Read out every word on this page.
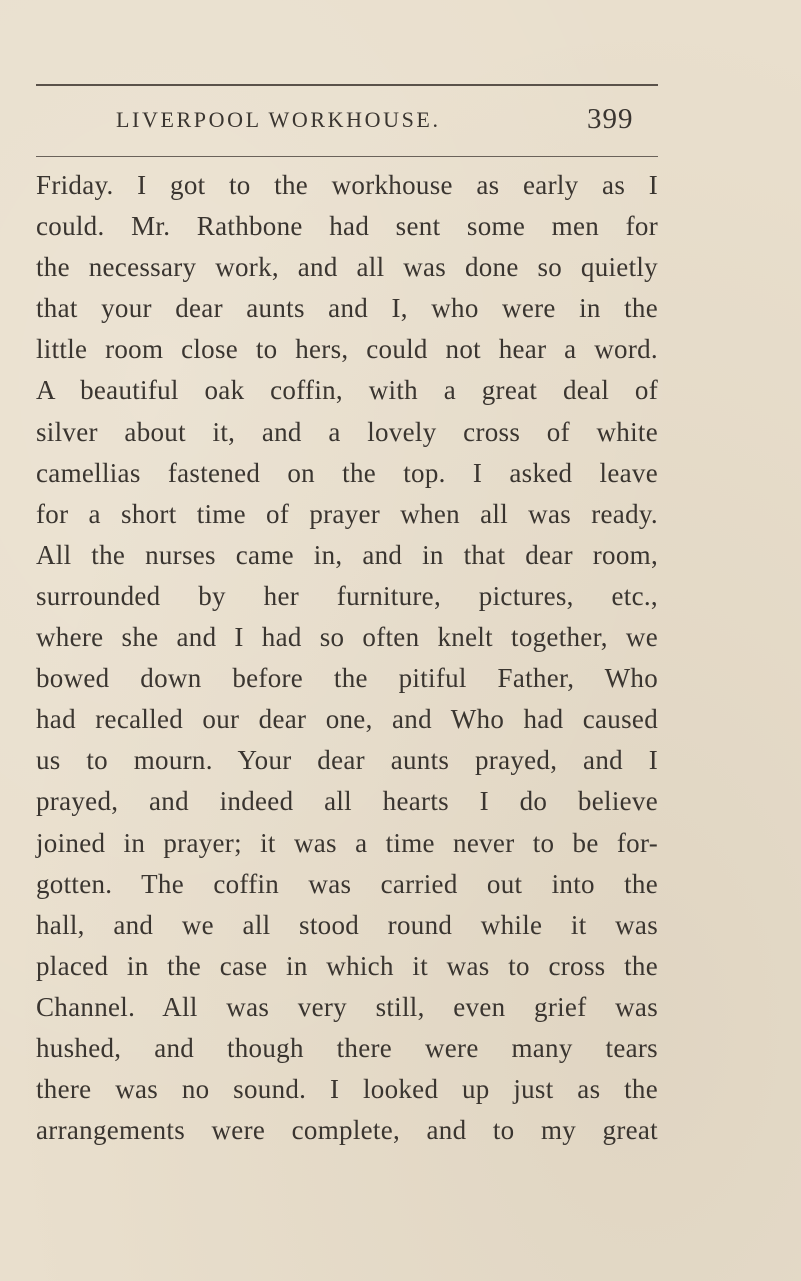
LIVERPOOL WORKHOUSE.	399
Friday. I got to the workhouse as early as I
could. Mr. Rathbone had sent some men for
the necessary work, and all was done so quietly
that your dear aunts and I, who were in the
little room close to hers, could not hear a word.
A beautiful oak coffin, with a great deal of
silver about it, and a lovely cross of white
camellias fastened on the top. I asked leave
for a short time of prayer when all was ready.
All the nurses came in, and in that dear room,
surrounded by her furniture, pictures, etc.,
where she and I had so often knelt together, we
bowed down before the pitiful Father, Who
had recalled our dear one, and Who had caused
us to mourn. Your dear aunts prayed, and I
prayed, and indeed all hearts I do believe
joined in prayer; it was a time never to be for-
gotten. The coffin was carried out into the
hall, and we all stood round while it was
placed in the case in which it was to cross the
Channel. All was very still, even grief was
hushed, and though there were many tears
there was no sound. I looked up just as the
arrangements were complete, and to my great
